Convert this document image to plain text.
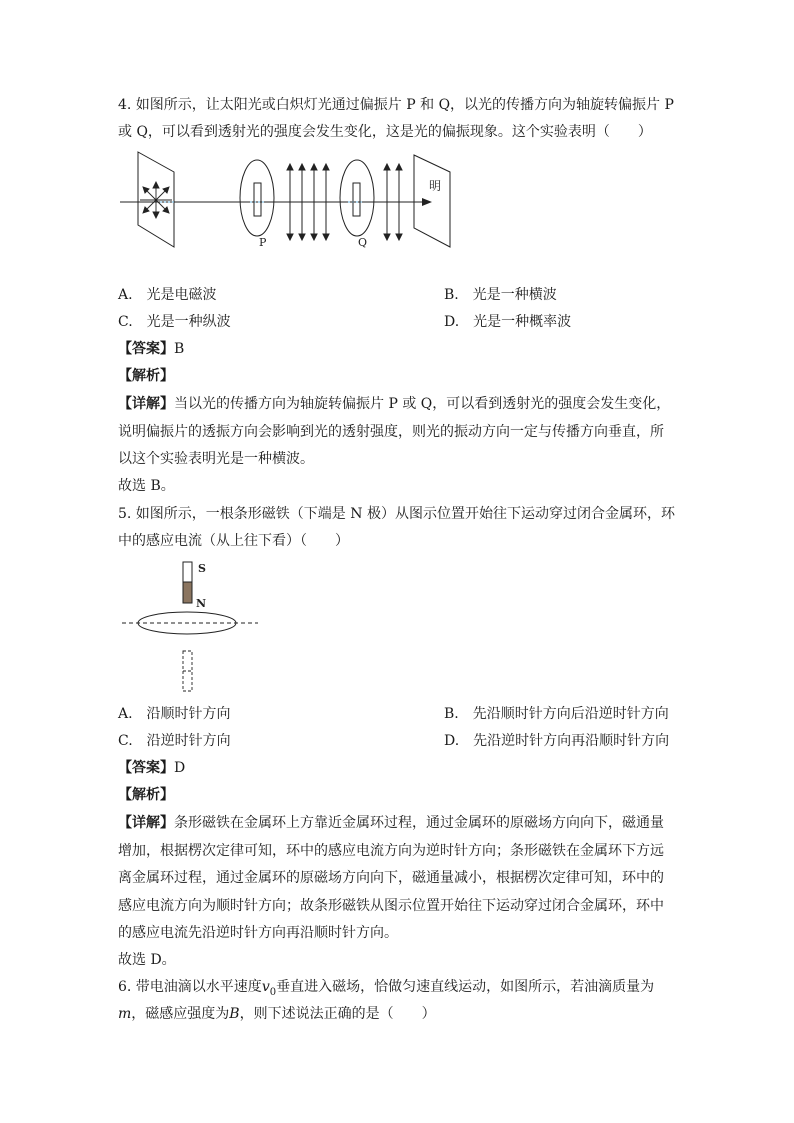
4. 如图所示，让太阳光或白炽灯光通过偏振片 P 和 Q，以光的传播方向为轴旋转偏振片 P
或 Q，可以看到透射光的强度会发生变化，这是光的偏振现象。这个实验表明（　　）
P	Q
明
A.　光是电磁波	B.　光是一种横波
C.　光是一种纵波	D.　光是一种概率波
【答案】B
【解析】
【详解】当以光的传播方向为轴旋转偏振片 P 或 Q，可以看到透射光的强度会发生变化，
说明偏振片的透振方向会影响到光的透射强度，则光的振动方向一定与传播方向垂直，所
以这个实验表明光是一种横波。
故选 B。
5. 如图所示，一根条形磁铁（下端是 N 极）从图示位置开始往下运动穿过闭合金属环，环
中的感应电流（从上往下看）（　　）
S
N
A.　沿顺时针方向	B.　先沿顺时针方向后沿逆时针方向
C.　沿逆时针方向	D.　先沿逆时针方向再沿顺时针方向
【答案】D
【解析】
【详解】条形磁铁在金属环上方靠近金属环过程，通过金属环的原磁场方向向下，磁通量
增加，根据楞次定律可知，环中的感应电流方向为逆时针方向；条形磁铁在金属环下方远
离金属环过程，通过金属环的原磁场方向向下，磁通量减小，根据楞次定律可知，环中的
感应电流方向为顺时针方向；故条形磁铁从图示位置开始往下运动穿过闭合金属环，环中
的感应电流先沿逆时针方向再沿顺时针方向。
故选 D。
6. 带电油滴以水平速度$v_0$垂直进入磁场，恰做匀速直线运动，如图所示，若油滴质量为
m，磁感应强度为B，则下述说法正确的是（　　）
